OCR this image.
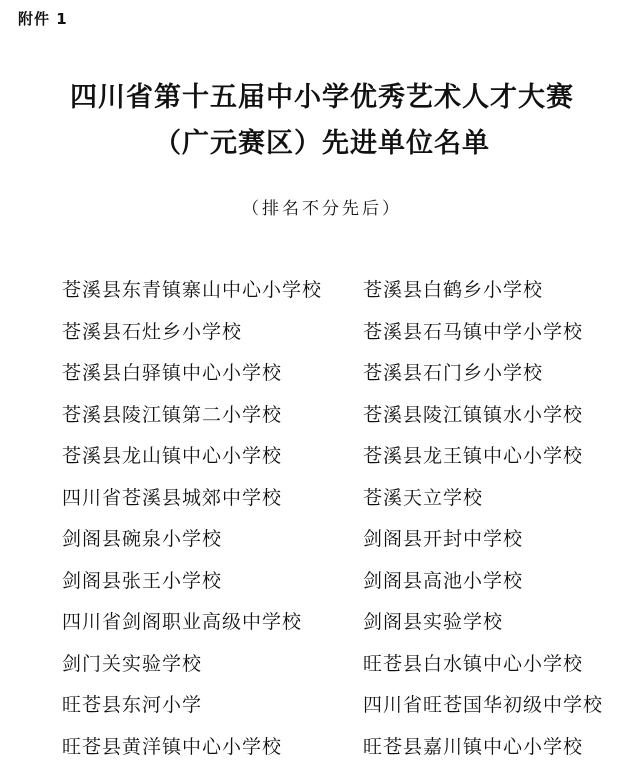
附件 1
四川省第十五届中小学优秀艺术人才大赛
（广元赛区）先进单位名单
（排名不分先后）
苍溪县东青镇寨山中心小学校 苍溪县白鹤乡小学校
苍溪县石灶乡小学校	苍溪县石马镇中学小学校
苍溪县白驿镇中心小学校	苍溪县石门乡小学校
苍溪县陵江镇第二小学校	苍溪县陵江镇镇水小学校
苍溪县龙山镇中心小学校	苍溪县龙王镇中心小学校
四川省苍溪县城郊中学校	苍溪天立学校
剑阁县碗泉小学校	剑阁县开封中学校
剑阁县张王小学校	剑阁县高池小学校
四川省剑阁职业高级中学校	剑阁县实验学校
剑门关实验学校	旺苍县白水镇中心小学校
旺苍县东河小学	四川省旺苍国华初级中学校
旺苍县黄洋镇中心小学校	旺苍县嘉川镇中心小学校
